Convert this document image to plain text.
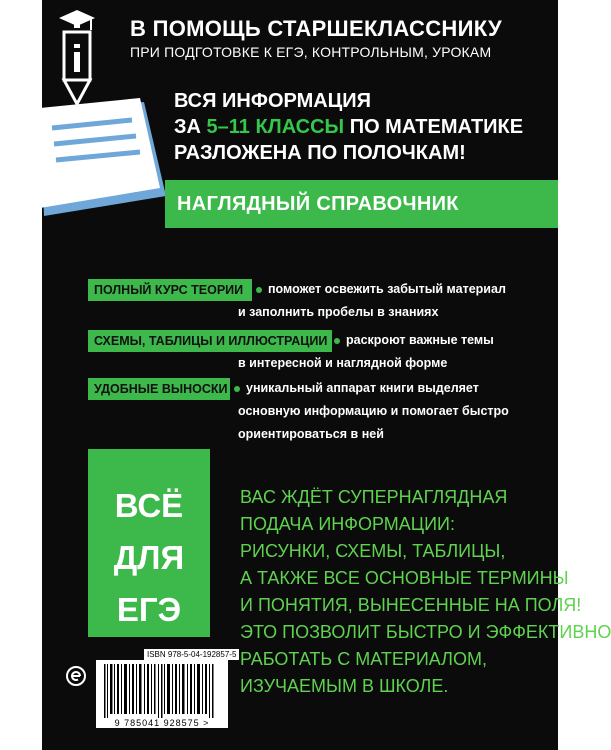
В ПОМОЩЬ СТАРШЕКЛАССНИКУ
ПРИ ПОДГОТОВКЕ К ЕГЭ, КОНТРОЛЬНЫМ, УРОКАМ
ВСЯ ИНФОРМАЦИЯ
ЗА 5–11 КЛАССЫ ПО МАТЕМАТИКЕ
РАЗЛОЖЕНА ПО ПОЛОЧКАМ!
НАГЛЯДНЫЙ СПРАВОЧНИК
ПОЛНЫЙ КУРС ТЕОРИИ	поможет освежить забытый материал
и заполнить пробелы в знаниях
СХЕМЫ, ТАБЛИЦЫ И ИЛЛЮСТРАЦИИ	раскроют важные темы
в интересной и наглядной форме
УДОБНЫЕ ВЫНОСКИ	уникальный аппарат книги выделяет
основную информацию и помогает быстро
ориентироваться в ней
ВСЁ
ДЛЯ
ЕГЭ
ВАС ЖДЁТ СУПЕРНАГЛЯДНАЯ
ПОДАЧА ИНФОРМАЦИИ:
РИСУНКИ, СХЕМЫ, ТАБЛИЦЫ,
А ТАКЖЕ ВСЕ ОСНОВНЫЕ ТЕРМИНЫ
И ПОНЯТИЯ, ВЫНЕСЕННЫЕ НА ПОЛЯ!
ЭТО ПОЗВОЛИТ БЫСТРО И ЭФФЕКТИВНО
РАБОТАТЬ С МАТЕРИАЛОМ,
ИЗУЧАЕМЫМ В ШКОЛЕ.
ISBN 978-5-04-192857-5
9 785041 928575 >
